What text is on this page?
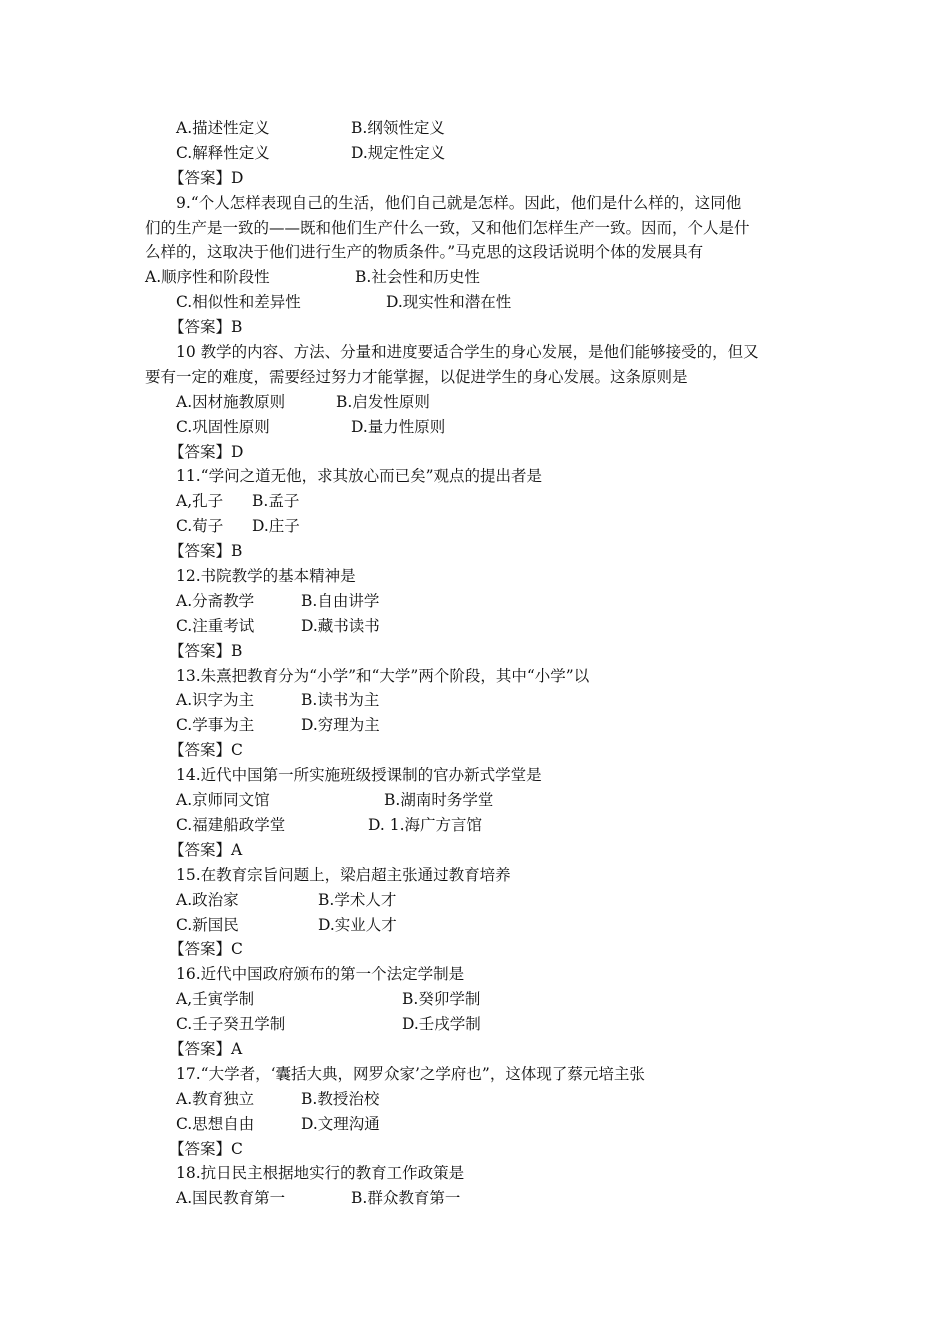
A.描述性定义	B.纲领性定义
C.解释性定义	D.规定性定义
【答案】D
9.“个人怎样表现自己的生活，他们自己就是怎样。因此，他们是什么样的，这同他
们的生产是一致的——既和他们生产什么一致，又和他们怎样生产一致。因而，个人是什
么样的，这取决于他们进行生产的物质条件。”马克思的这段话说明个体的发展具有
A.顺序性和阶段性	B.社会性和历史性
C.相似性和差异性	D.现实性和潜在性
【答案】B
10 教学的内容、方法、分量和进度要适合学生的身心发展，是他们能够接受的，但又
要有一定的难度，需要经过努力才能掌握，以促进学生的身心发展。这条原则是
A.因材施教原则	B.启发性原则
C.巩固性原则	D.量力性原则
【答案】D
11.“学问之道无他，求其放心而已矣”观点的提出者是
A,孔子 B.孟子
C.荀子 D.庄子
【答案】B
12.书院教学的基本精神是
A.分斋教学	B.自由讲学
C.注重考试	D.藏书读书
【答案】B
13.朱熹把教育分为“小学”和“大学”两个阶段，其中“小学”以
A.识字为主	B.读书为主
C.学事为主	D.穷理为主
【答案】C
14.近代中国第一所实施班级授课制的官办新式学堂是
A.京师同文馆	B.湖南时务学堂
C.福建船政学堂	D. 1.海广方言馆
【答案】A
15.在教育宗旨问题上，梁启超主张通过教育培养
A.政治家	B.学术人才
C.新国民	D.实业人才
【答案】C
16.近代中国政府颁布的第一个法定学制是
A,壬寅学制	B.癸卯学制
C.壬子癸丑学制	D.壬戌学制
【答案】A
17.“大学者，‘囊括大典，网罗众家’之学府也”，这体现了蔡元培主张
A.教育独立	B.教授治校
C.思想自由	D.文理沟通
【答案】C
18.抗日民主根据地实行的教育工作政策是
A.国民教育第一	B.群众教育第一
